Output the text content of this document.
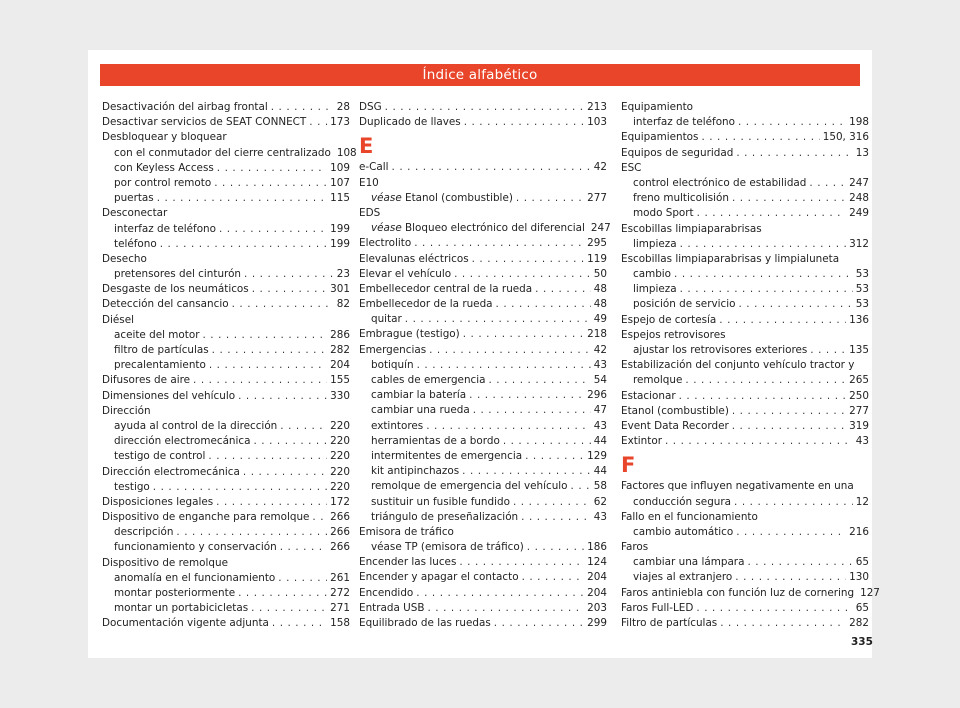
Índice alfabético
Desactivación del airbag frontal . . .	28
Desactivar servicios de SEAT CONNECT . . . 173
Desbloquear y bloquear
con el conmutador del cierre centralizado 108
con Keyless Access . . .	109
por control remoto . . .	107
puertas . . .	115
Desconectar
interfaz de teléfono . . .	199
teléfono . . .	199
Desecho
pretensores del cinturón . . .	23
Desgaste de los neumáticos . . .	301
Detección del cansancio . . .	82
Diésel
aceite del motor . . .	286
filtro de partículas . . .	282
precalentamiento . . .	204
Difusores de aire . . .	155
Dimensiones del vehículo . . .	330
Dirección
ayuda al control de la dirección . . .	220
dirección electromecánica . . .	220
testigo de control . . .	220
Dirección electromecánica . . .	220
testigo . . .	220
Disposiciones legales . . .	172
Dispositivo de enganche para remolque . . . 266
descripción . . .	266
funcionamiento y conservación . . .	266
Dispositivo de remolque
anomalía en el funcionamiento . . .	261
montar posteriormente . . .	272
montar un portabicicletas . . .	271
Documentación vigente adjunta . . .	158
DSG . . .	213
Duplicado de llaves . . .	103
E
e-Call . . .	42
E10
véase Etanol (combustible) . . .	277
EDS
véase Bloqueo electrónico del diferencial 247
Electrolito . . .	295
Elevalunas eléctricos . . .	119
Elevar el vehículo . . .	50
Embellecedor central de la rueda . . .	48
Embellecedor de la rueda . . .	48
quitar . . .	49
Embrague (testigo) . . .	218
Emergencias . . .	42
botiquín . . .	43
cables de emergencia . . .	54
cambiar la batería . . .	296
cambiar una rueda . . .	47
extintores . . .	43
herramientas de a bordo . . .	44
intermitentes de emergencia . . .	129
kit antipinchazos . . .	44
remolque de emergencia del vehículo . . .	58
sustituir un fusible fundido . . .	62
triángulo de preseñalización . . .	43
Emisora de tráfico
véase TP (emisora de tráfico) . . .	186
Encender las luces . . .	124
Encender y apagar el contacto . . .	204
Encendido . . .	204
Entrada USB . . .	203
Equilibrado de las ruedas . . .	299
Equipamiento
interfaz de teléfono . . .	198
Equipamientos . . .	150, 316
Equipos de seguridad . . .	13
ESC
control electrónico de estabilidad . . .	247
freno multicolisión . . .	248
modo Sport . . .	249
Escobillas limpiaparabrisas
limpieza . . .	312
Escobillas limpiaparabrisas y limpialuneta
cambio . . .	53
limpieza . . .	53
posición de servicio . . .	53
Espejo de cortesía . . .	136
Espejos retrovisores
ajustar los retrovisores exteriores . . .	135
Estabilización del conjunto vehículo tractor y
remolque . . .	265
Estacionar . . .	250
Etanol (combustible) . . .	277
Event Data Recorder . . .	319
Extintor . . .	43
F
Factores que influyen negativamente en una
conducción segura . . .	12
Fallo en el funcionamiento
cambio automático . . .	216
Faros
cambiar una lámpara . . .	65
viajes al extranjero . . .	130
Faros antiniebla con función luz de cornering 127
Faros Full-LED . . .	65
Filtro de partículas . . .	282
335
